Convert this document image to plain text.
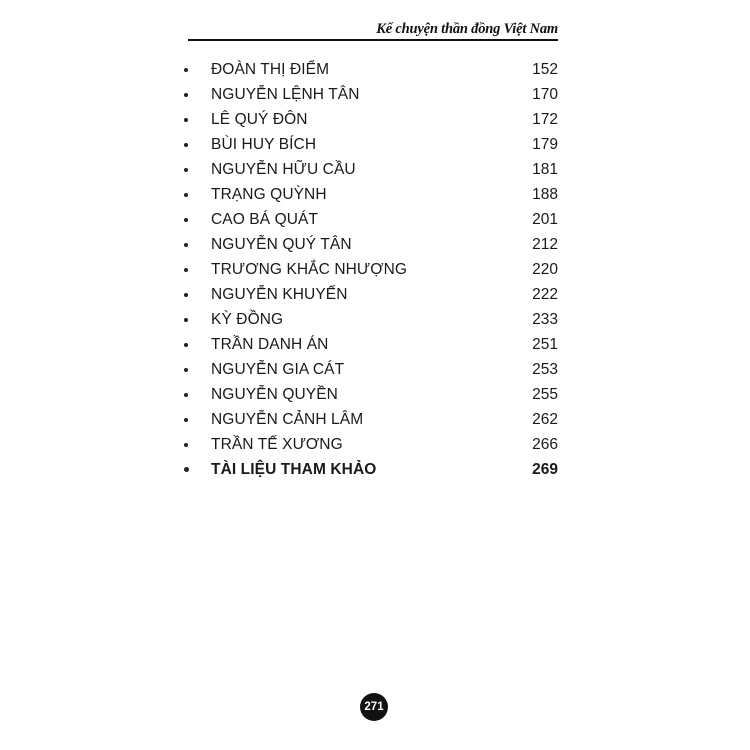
Kể chuyện thần đồng Việt Nam
ĐOÀN THỊ ĐIỂM	152
NGUYỄN LỆNH TÂN	170
LÊ QUÝ ĐÔN	172
BÙI HUY BÍCH	179
NGUYỄN HỮU CẦU	181
TRẠNG QUỲNH	188
CAO BÁ QUÁT	201
NGUYỄN QUÝ TÂN	212
TRƯƠNG KHẮC NHƯỢNG	220
NGUYỄN KHUYẾN	222
KỲ ĐỒNG	233
TRẦN DANH ÁN	251
NGUYỄN GIA CÁT	253
NGUYỄN QUYỀN	255
NGUYỄN CẢNH LÂM	262
TRẦN TẾ XƯƠNG	266
TÀI LIỆU THAM KHẢO	269
271
